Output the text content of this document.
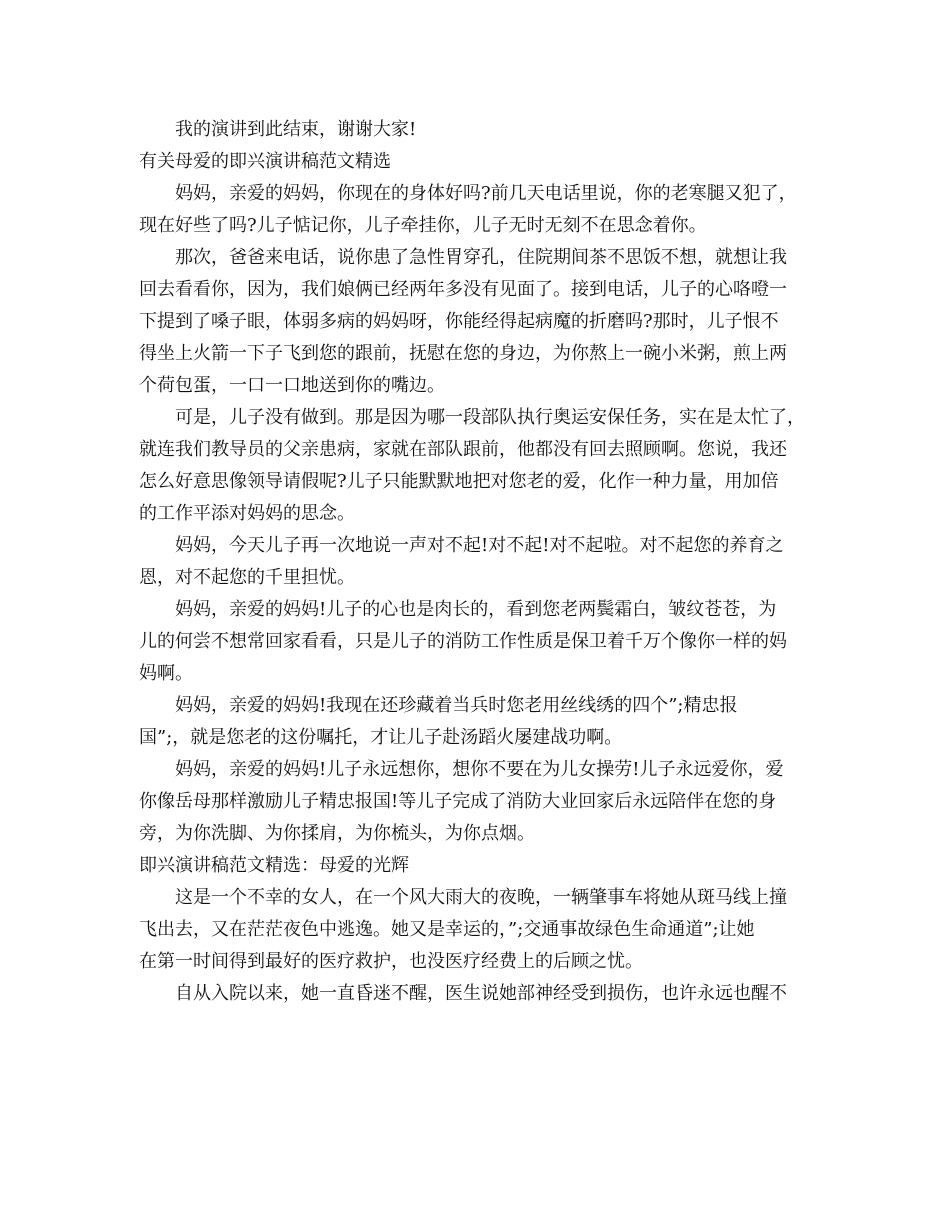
我的演讲到此结束，谢谢大家!
有关母爱的即兴演讲稿范文精选
妈妈，亲爱的妈妈，你现在的身体好吗?前几天电话里说，你的老寒腿又犯了，
现在好些了吗?儿子惦记你，儿子牵挂你，儿子无时无刻不在思念着你。
那次，爸爸来电话，说你患了急性胃穿孔，住院期间茶不思饭不想，就想让我
回去看看你，因为，我们娘俩已经两年多没有见面了。接到电话，儿子的心咯噔一
下提到了嗓子眼，体弱多病的妈妈呀，你能经得起病魔的折磨吗?那时，儿子恨不
得坐上火箭一下子飞到您的跟前，抚慰在您的身边，为你熬上一碗小米粥，煎上两
个荷包蛋，一口一口地送到你的嘴边。
可是，儿子没有做到。那是因为哪一段部队执行奥运安保任务，实在是太忙了，
就连我们教导员的父亲患病，家就在部队跟前，他都没有回去照顾啊。您说，我还
怎么好意思像领导请假呢?儿子只能默默地把对您老的爱，化作一种力量，用加倍
的工作平添对妈妈的思念。
妈妈，今天儿子再一次地说一声对不起!对不起!对不起啦。对不起您的养育之
恩，对不起您的千里担忧。
妈妈，亲爱的妈妈!儿子的心也是肉长的，看到您老两鬓霜白，皱纹苍苍，为
儿的何尝不想常回家看看，只是儿子的消防工作性质是保卫着千万个像你一样的妈
妈啊。
妈妈，亲爱的妈妈!我现在还珍藏着当兵时您老用丝线绣的四个”;精忠报
国”;，就是您老的这份嘱托，才让儿子赴汤蹈火屡建战功啊。
妈妈，亲爱的妈妈!儿子永远想你，想你不要在为儿女操劳!儿子永远爱你，爱
你像岳母那样激励儿子精忠报国!等儿子完成了消防大业回家后永远陪伴在您的身
旁，为你洗脚、为你揉肩，为你梳头，为你点烟。
即兴演讲稿范文精选：母爱的光辉
这是一个不幸的女人，在一个风大雨大的夜晚，一辆肇事车将她从斑马线上撞
飞出去，又在茫茫夜色中逃逸。她又是幸运的，”;交通事故绿色生命通道”;让她
在第一时间得到最好的医疗救护，也没医疗经费上的后顾之忧。
自从入院以来，她一直昏迷不醒，医生说她部神经受到损伤，也许永远也醒不
